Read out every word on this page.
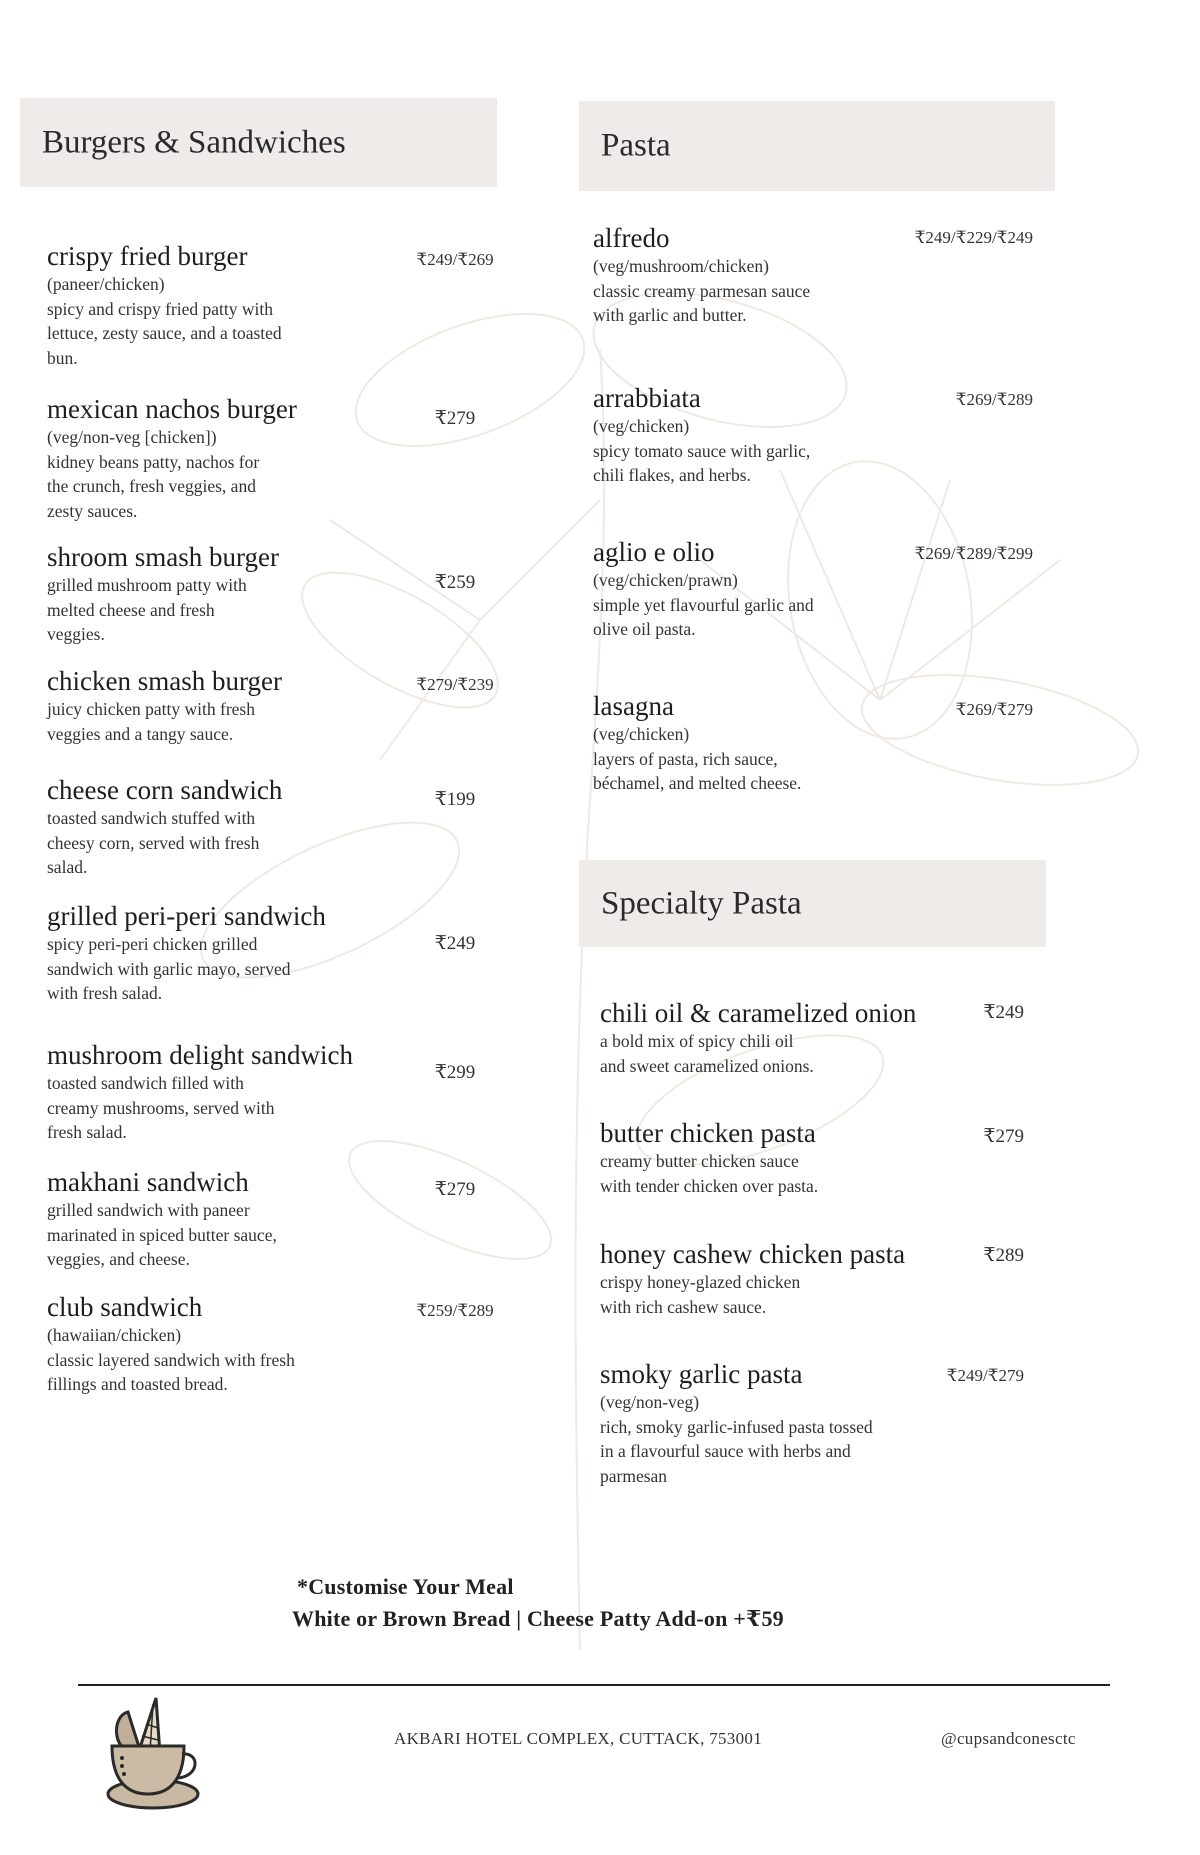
Burgers & Sandwiches	Pasta
Specialty Pasta
crispy fried burger
(paneer/chicken)
spicy and crispy fried patty with
lettuce, zesty sauce, and a toasted
bun.
₹249/₹269
mexican nachos burger
(veg/non-veg [chicken])
kidney beans patty, nachos for
the crunch, fresh veggies, and
zesty sauces.
₹279
shroom smash burger
grilled mushroom patty with
melted cheese and fresh
veggies.
₹259
chicken smash burger
juicy chicken patty with fresh
veggies and a tangy sauce.
₹279/₹239
cheese corn sandwich
toasted sandwich stuffed with
cheesy corn, served with fresh
salad.
₹199
grilled peri-peri sandwich
spicy peri-peri chicken grilled
sandwich with garlic mayo, served
with fresh salad.
₹249
mushroom delight sandwich
toasted sandwich filled with
creamy mushrooms, served with
fresh salad.
₹299
makhani sandwich
grilled sandwich with paneer
marinated in spiced butter sauce,
veggies, and cheese.
₹279
club sandwich
(hawaiian/chicken)
classic layered sandwich with fresh
fillings and toasted bread.
₹259/₹289
alfredo
(veg/mushroom/chicken)
classic creamy parmesan sauce
with garlic and butter.
₹249/₹229/₹249
arrabbiata
(veg/chicken)
spicy tomato sauce with garlic,
chili flakes, and herbs.
₹269/₹289
aglio e olio
(veg/chicken/prawn)
simple yet flavourful garlic and
olive oil pasta.
₹269/₹289/₹299
lasagna
(veg/chicken)
layers of pasta, rich sauce,
béchamel, and melted cheese.
₹269/₹279
chili oil & caramelized onion
a bold mix of spicy chili oil
and sweet caramelized onions.
₹249
butter chicken pasta
creamy butter chicken sauce
with tender chicken over pasta.
₹279
honey cashew chicken pasta
crispy honey-glazed chicken
with rich cashew sauce.
₹289
smoky garlic pasta
(veg/non-veg)
rich, smoky garlic-infused pasta tossed
in a flavourful sauce with herbs and
parmesan
₹249/₹279
*Customise Your Meal
White or Brown Bread | Cheese Patty Add-on +₹59
AKBARI HOTEL COMPLEX, CUTTACK, 753001	@cupsandconesctc
